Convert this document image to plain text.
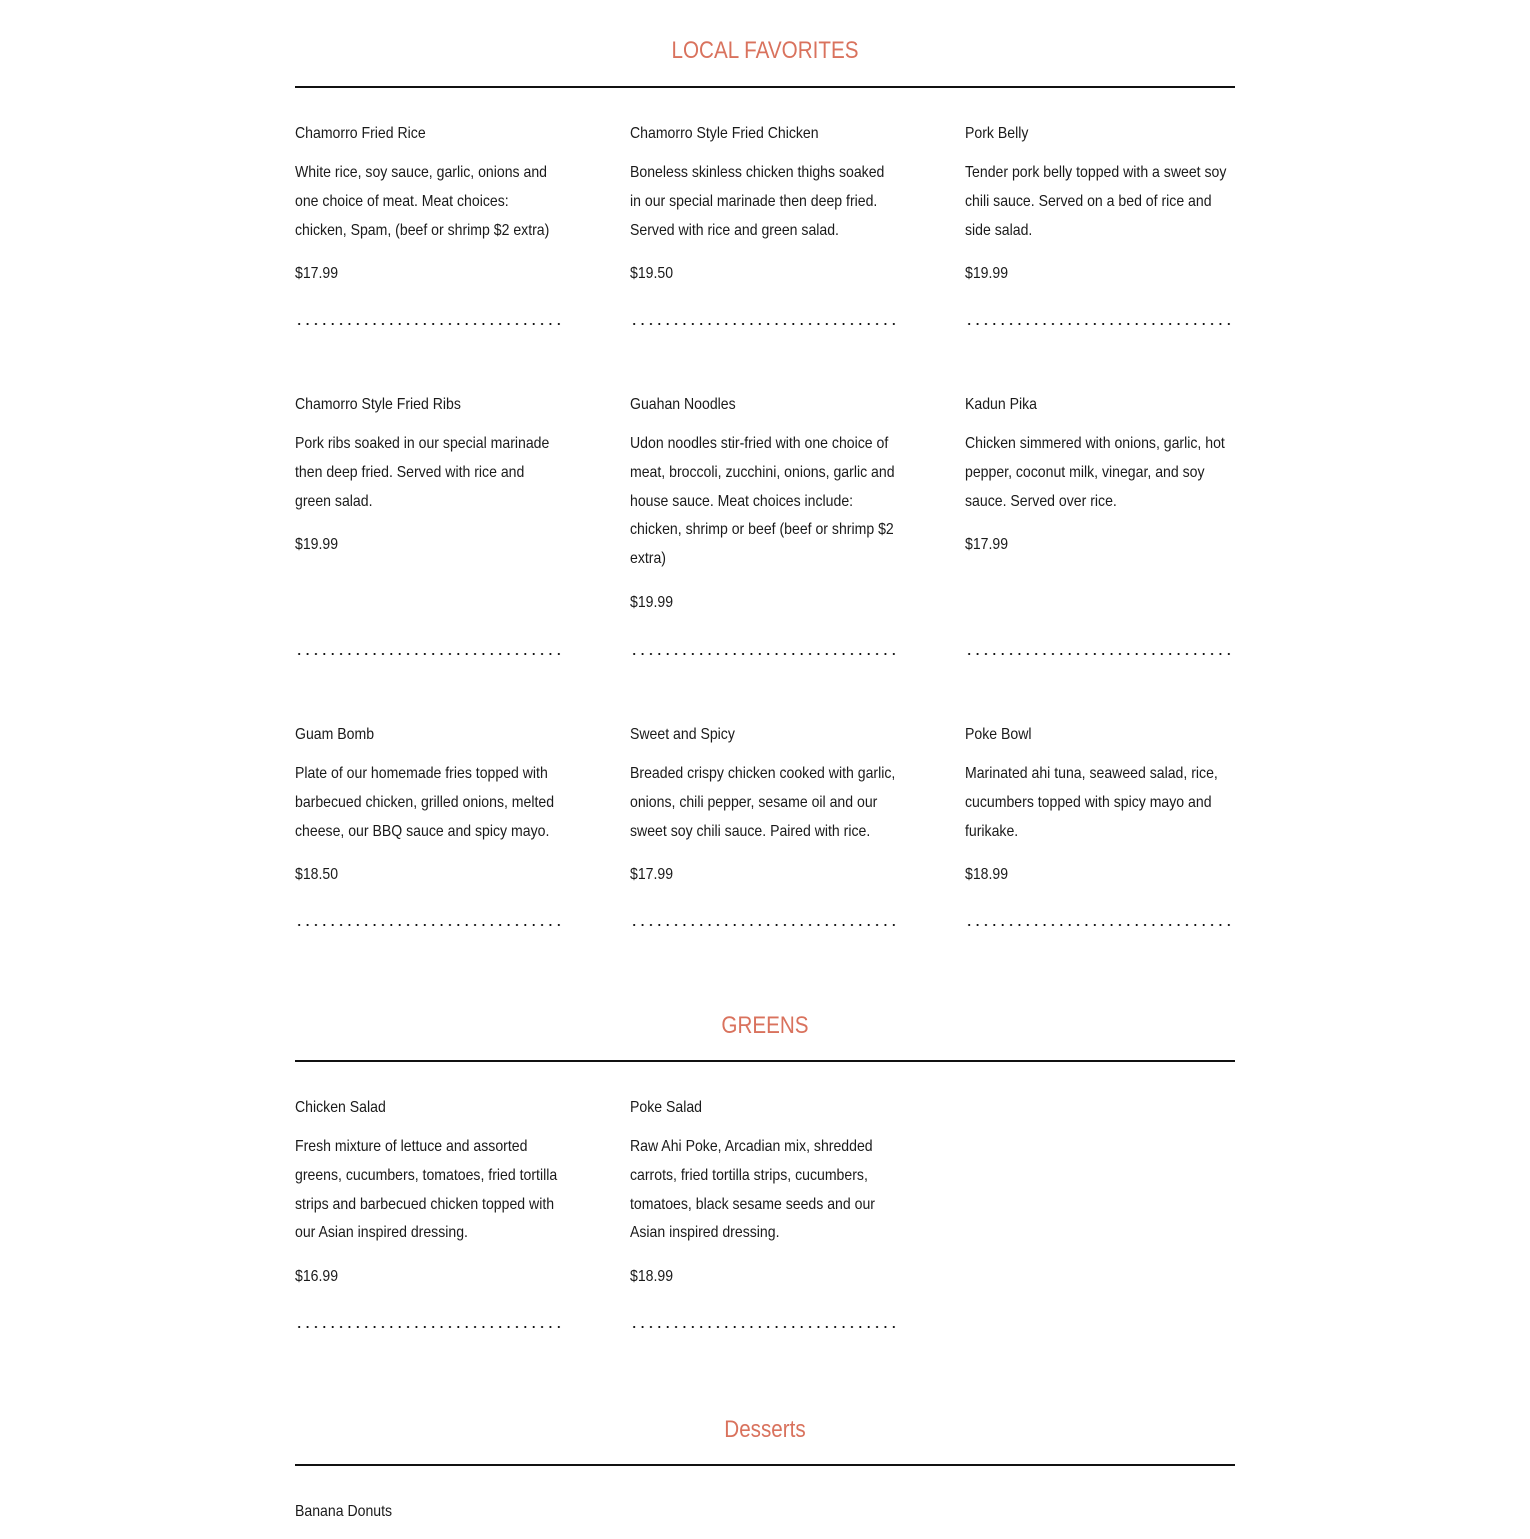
LOCAL FAVORITES

Chamorro Fried Rice

White rice, soy sauce, garlic, onions and one choice of meat. Meat choices: chicken, Spam, (beef or shrimp $2 extra)

$17.99

Chamorro Style Fried Chicken

Boneless skinless chicken thighs soaked in our special marinade then deep fried. Served with rice and green salad.

$19.50

Pork Belly

Tender pork belly topped with a sweet soy chili sauce. Served on a bed of rice and side salad.

$19.99

Chamorro Style Fried Ribs

Pork ribs soaked in our special marinade then deep fried. Served with rice and green salad.

$19.99

Guahan Noodles

Udon noodles stir-fried with one choice of meat, broccoli, zucchini, onions, garlic and house sauce. Meat choices include: chicken, shrimp or beef (beef or shrimp $2 extra)

$19.99

Kadun Pika

Chicken simmered with onions, garlic, hot pepper, coconut milk, vinegar, and soy sauce. Served over rice.

$17.99

Guam Bomb

Plate of our homemade fries topped with barbecued chicken, grilled onions, melted cheese, our BBQ sauce and spicy mayo.

$18.50

Sweet and Spicy

Breaded crispy chicken cooked with garlic, onions, chili pepper, sesame oil and our sweet soy chili sauce. Paired with rice.

$17.99

Poke Bowl

Marinated ahi tuna, seaweed salad, rice, cucumbers topped with spicy mayo and furikake.

$18.99

GREENS

Chicken Salad

Fresh mixture of lettuce and assorted greens, cucumbers, tomatoes, fried tortilla strips and barbecued chicken topped with our Asian inspired dressing.

$16.99

Poke Salad

Raw Ahi Poke, Arcadian mix, shredded carrots, fried tortilla strips, cucumbers, tomatoes, black sesame seeds and our Asian inspired dressing.

$18.99

Desserts

Banana Donuts
